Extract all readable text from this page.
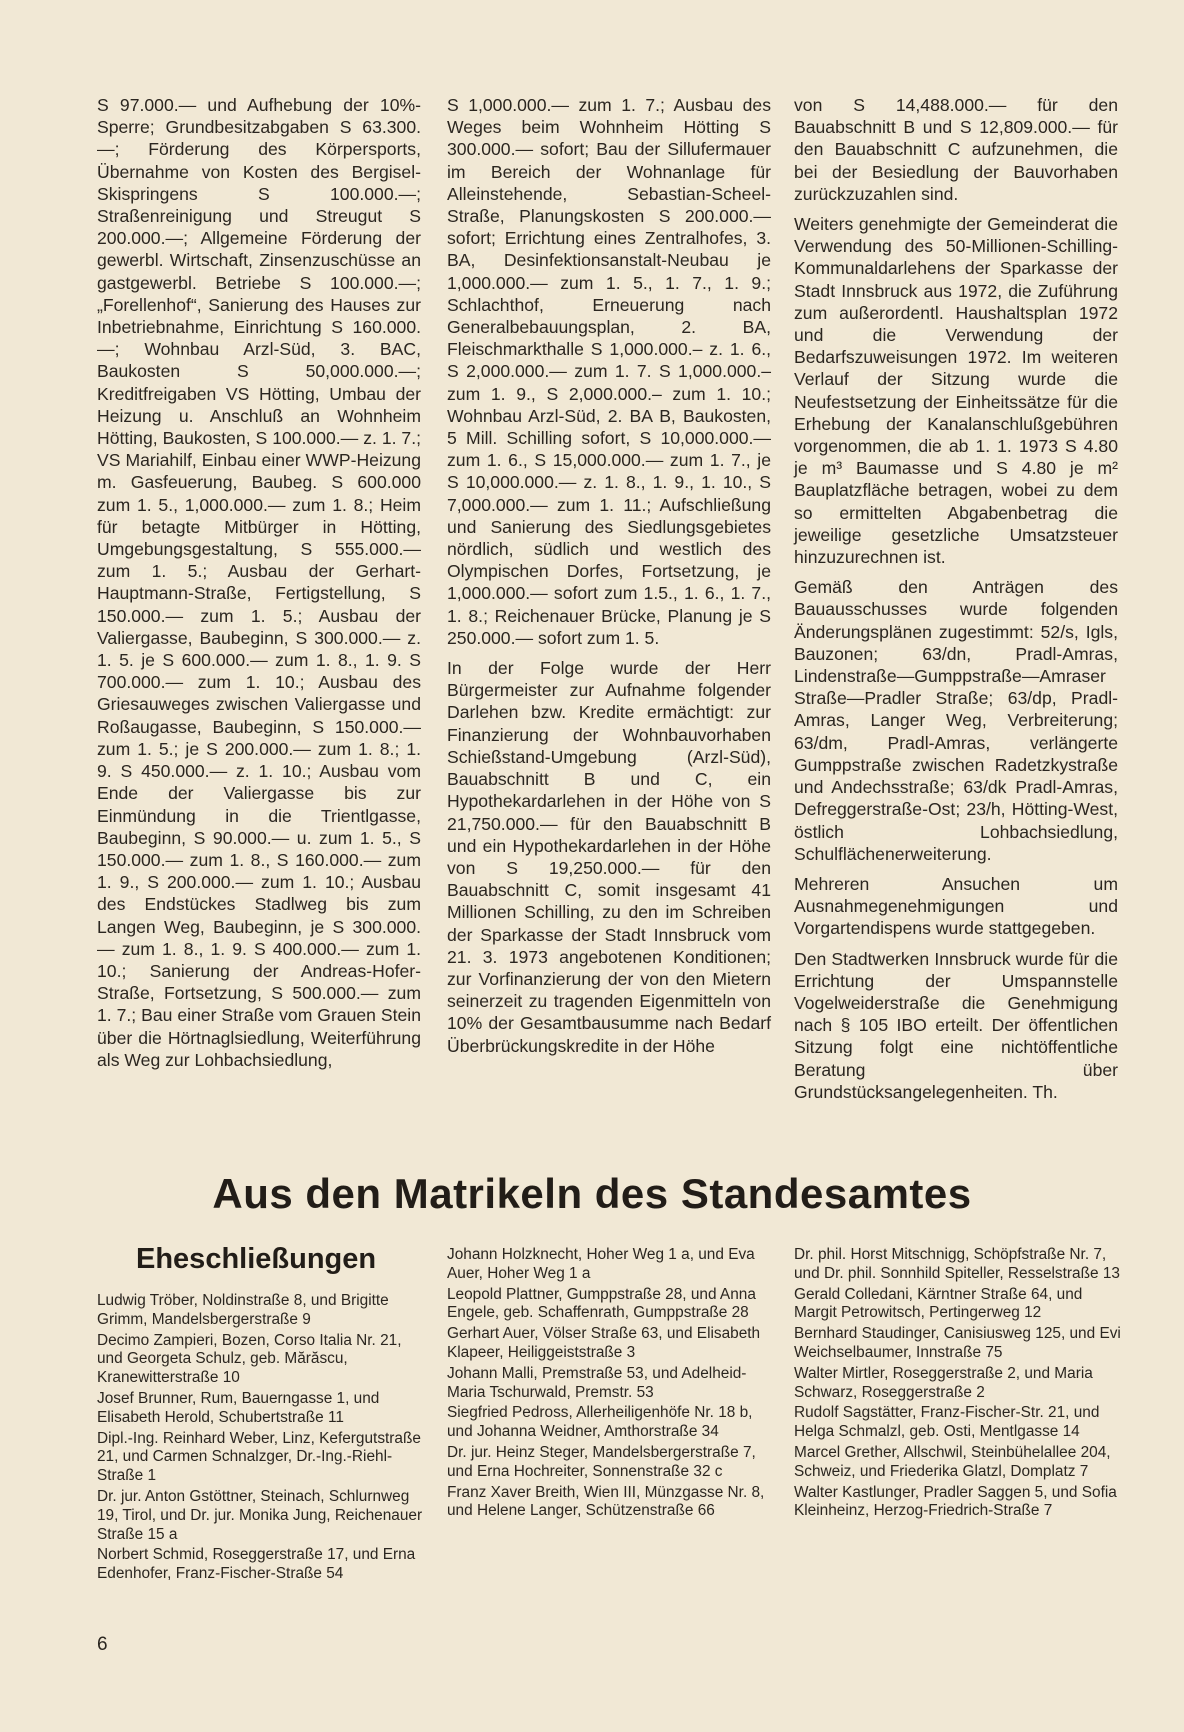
S 97.000.— und Aufhebung der 10%-Sperre; Grundbesitzabgaben S 63.300.—; Förderung des Körpersports, Übernahme von Kosten des Bergisel-Skispringens S 100.000.—; Straßenreinigung und Streugut S 200.000.—; Allgemeine Förderung der gewerbl. Wirtschaft, Zinsenzuschüsse an gastgewerbl. Betriebe S 100.000.—; „Forellenhof“, Sanierung des Hauses zur Inbetriebnahme, Einrichtung S 160.000.—; Wohnbau Arzl-Süd, 3. BAC, Baukosten S 50,000.000.—; Kreditfreigaben VS Hötting, Umbau der Heizung u. Anschluß an Wohnheim Hötting, Baukosten, S 100.000.— z. 1. 7.; VS Mariahilf, Einbau einer WWP-Heizung m. Gasfeuerung, Baubeg. S 600.000 zum 1. 5., 1,000.000.— zum 1. 8.; Heim für betagte Mitbürger in Hötting, Umgebungsgestaltung, S 555.000.— zum 1. 5.; Ausbau der Gerhart-Hauptmann-Straße, Fertigstellung, S 150.000.— zum 1. 5.; Ausbau der Valiergasse, Baubeginn, S 300.000.— z. 1. 5. je S 600.000.— zum 1. 8., 1. 9. S 700.000.— zum 1. 10.; Ausbau des Griesauweges zwischen Valiergasse und Roßaugasse, Baubeginn, S 150.000.— zum 1. 5.; je S 200.000.— zum 1. 8.; 1. 9. S 450.000.— z. 1. 10.; Ausbau vom Ende der Valiergasse bis zur Einmündung in die Trientlgasse, Baubeginn, S 90.000.— u. zum 1. 5., S 150.000.— zum 1. 8., S 160.000.— zum 1. 9., S 200.000.— zum 1. 10.; Ausbau des Endstückes Stadlweg bis zum Langen Weg, Baubeginn, je S 300.000.— zum 1. 8., 1. 9. S 400.000.— zum 1. 10.; Sanierung der Andreas-Hofer-Straße, Fortsetzung, S 500.000.— zum 1. 7.; Bau einer Straße vom Grauen Stein über die Hörtnaglsiedlung, Weiterführung als Weg zur Lohbachsiedlung,

S 1,000.000.— zum 1. 7.; Ausbau des Weges beim Wohnheim Hötting S 300.000.— sofort; Bau der Sillufermauer im Bereich der Wohnanlage für Alleinstehende, Sebastian-Scheel-Straße, Planungskosten S 200.000.— sofort; Errichtung eines Zentralhofes, 3. BA, Desinfektionsanstalt-Neubau je 1,000.000.— zum 1. 5., 1. 7., 1. 9.; Schlachthof, Erneuerung nach Generalbebauungsplan, 2. BA, Fleischmarkthalle S 1,000.000.– z. 1. 6., S 2,000.000.— zum 1. 7. S 1,000.000.– zum 1. 9., S 2,000.000.– zum 1. 10.; Wohnbau Arzl-Süd, 2. BA B, Baukosten, 5 Mill. Schilling sofort, S 10,000.000.— zum 1. 6., S 15,000.000.— zum 1. 7., je S 10,000.000.— z. 1. 8., 1. 9., 1. 10., S 7,000.000.— zum 1. 11.; Aufschließung und Sanierung des Siedlungsgebietes nördlich, südlich und westlich des Olympischen Dorfes, Fortsetzung, je 1,000.000.— sofort zum 1.5., 1. 6., 1. 7., 1. 8.; Reichenauer Brücke, Planung je S 250.000.— sofort zum 1. 5.

In der Folge wurde der Herr Bürgermeister zur Aufnahme folgender Darlehen bzw. Kredite ermächtigt: zur Finanzierung der Wohnbauvorhaben Schießstand-Umgebung (Arzl-Süd), Bauabschnitt B und C, ein Hypothekardarlehen in der Höhe von S 21,750.000.— für den Bauabschnitt B und ein Hypothekardarlehen in der Höhe von S 19,250.000.— für den Bauabschnitt C, somit insgesamt 41 Millionen Schilling, zu den im Schreiben der Sparkasse der Stadt Innsbruck vom 21. 3. 1973 angebotenen Konditionen; zur Vorfinanzierung der von den Mietern seinerzeit zu tragenden Eigenmitteln von 10% der Gesamtbausumme nach Bedarf Überbrückungskredite in der Höhe

von S 14,488.000.— für den Bauabschnitt B und S 12,809.000.— für den Bauabschnitt C aufzunehmen, die bei der Besiedlung der Bauvorhaben zurückzuzahlen sind.

Weiters genehmigte der Gemeinderat die Verwendung des 50-Millionen-Schilling-Kommunaldarlehens der Sparkasse der Stadt Innsbruck aus 1972, die Zuführung zum außerordentl. Haushaltsplan 1972 und die Verwendung der Bedarfszuweisungen 1972. Im weiteren Verlauf der Sitzung wurde die Neufestsetzung der Einheitssätze für die Erhebung der Kanalanschlußgebühren vorgenommen, die ab 1. 1. 1973 S 4.80 je m³ Baumasse und S 4.80 je m² Bauplatzfläche betragen, wobei zu dem so ermittelten Abgabenbetrag die jeweilige gesetzliche Umsatzsteuer hinzuzurechnen ist.

Gemäß den Anträgen des Bauausschusses wurde folgenden Änderungsplänen zugestimmt: 52/s, Igls, Bauzonen; 63/dn, Pradl-Amras, Lindenstraße—Gumppstraße—Amraser Straße—Pradler Straße; 63/dp, Pradl-Amras, Langer Weg, Verbreiterung; 63/dm, Pradl-Amras, verlängerte Gumppstraße zwischen Radetzkystraße und Andechsstraße; 63/dk Pradl-Amras, Defreggerstraße-Ost; 23/h, Hötting-West, östlich Lohbachsiedlung, Schulflächenerweiterung.

Mehreren Ansuchen um Ausnahmegenehmigungen und Vorgartendispens wurde stattgegeben.

Den Stadtwerken Innsbruck wurde für die Errichtung der Umspannstelle Vogelweiderstraße die Genehmigung nach § 105 IBO erteilt. Der öffentlichen Sitzung folgt eine nichtöffentliche Beratung über Grundstücksangelegenheiten. Th.

Aus den Matrikeln des Standesamtes
Eheschließungen
Ludwig Tröber, Noldinstraße 8, und Brigitte Grimm, Mandelsbergerstraße 9
Decimo Zampieri, Bozen, Corso Italia Nr. 21, und Georgeta Schulz, geb. Mărăscu, Kranewitterstraße 10
Josef Brunner, Rum, Bauerngasse 1, und Elisabeth Herold, Schubertstraße 11
Dipl.-Ing. Reinhard Weber, Linz, Kefergutstraße 21, und Carmen Schnalzger, Dr.-Ing.-Riehl-Straße 1
Dr. jur. Anton Gstöttner, Steinach, Schlurnweg 19, Tirol, und Dr. jur. Monika Jung, Reichenauer Straße 15 a
Norbert Schmid, Roseggerstraße 17, und Erna Edenhofer, Franz-Fischer-Straße 54
Johann Holzknecht, Hoher Weg 1 a, und Eva Auer, Hoher Weg 1 a
Leopold Plattner, Gumppstraße 28, und Anna Engele, geb. Schaffenrath, Gumppstraße 28
Gerhart Auer, Völser Straße 63, und Elisabeth Klapeer, Heiliggeiststraße 3
Johann Malli, Premstraße 53, und Adelheid-Maria Tschurwald, Premstr. 53
Siegfried Pedross, Allerheiligenhöfe Nr. 18 b, und Johanna Weidner, Amthorstraße 34
Dr. jur. Heinz Steger, Mandelsbergerstraße 7, und Erna Hochreiter, Sonnenstraße 32 c
Franz Xaver Breith, Wien III, Münzgasse Nr. 8, und Helene Langer, Schützenstraße 66
Dr. phil. Horst Mitschnigg, Schöpfstraße Nr. 7, und Dr. phil. Sonnhild Spiteller, Resselstraße 13
Gerald Colledani, Kärntner Straße 64, und Margit Petrowitsch, Pertingerweg 12
Bernhard Staudinger, Canisiusweg 125, und Evi Weichselbaumer, Innstraße 75
Walter Mirtler, Roseggerstraße 2, und Maria Schwarz, Roseggerstraße 2
Rudolf Sagstätter, Franz-Fischer-Str. 21, und Helga Schmalzl, geb. Osti, Mentlgasse 14
Marcel Grether, Allschwil, Steinbühelallee 204, Schweiz, und Friederika Glatzl, Domplatz 7
Walter Kastlunger, Pradler Saggen 5, und Sofia Kleinheinz, Herzog-Friedrich-Straße 7
6
